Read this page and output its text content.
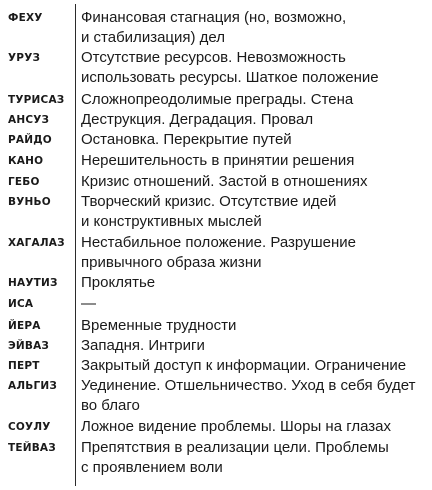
ФЕХУ	Финансовая стагнация (но, возможно,
и стабилизация) дел
УРУЗ	Отсутствие ресурсов. Невозможность
использовать ресурсы. Шаткое положение
ТУРИСАЗ	Сложнопреодолимые преграды. Стена
АНСУЗ	Деструкция. Деградация. Провал
РАЙДО	Остановка. Перекрытие путей
КАНО	Нерешительность в принятии решения
ГЕБО	Кризис отношений. Застой в отношениях
ВУНЬО	Творческий кризис. Отсутствие идей
и конструктивных мыслей
ХАГАЛАЗ	Нестабильное положение. Разрушение
привычного образа жизни
НАУТИЗ	Проклятье
ИСА	—
ЙЕРА	Временные трудности
ЭЙВАЗ	Западня. Интриги
ПЕРТ	Закрытый доступ к информации. Ограничение
АЛЬГИЗ	Уединение. Отшельничество. Уход в себя будет
во благо
СОУЛУ	Ложное видение проблемы. Шоры на глазах
ТЕЙВАЗ	Препятствия в реализации цели. Проблемы
с проявлением воли
